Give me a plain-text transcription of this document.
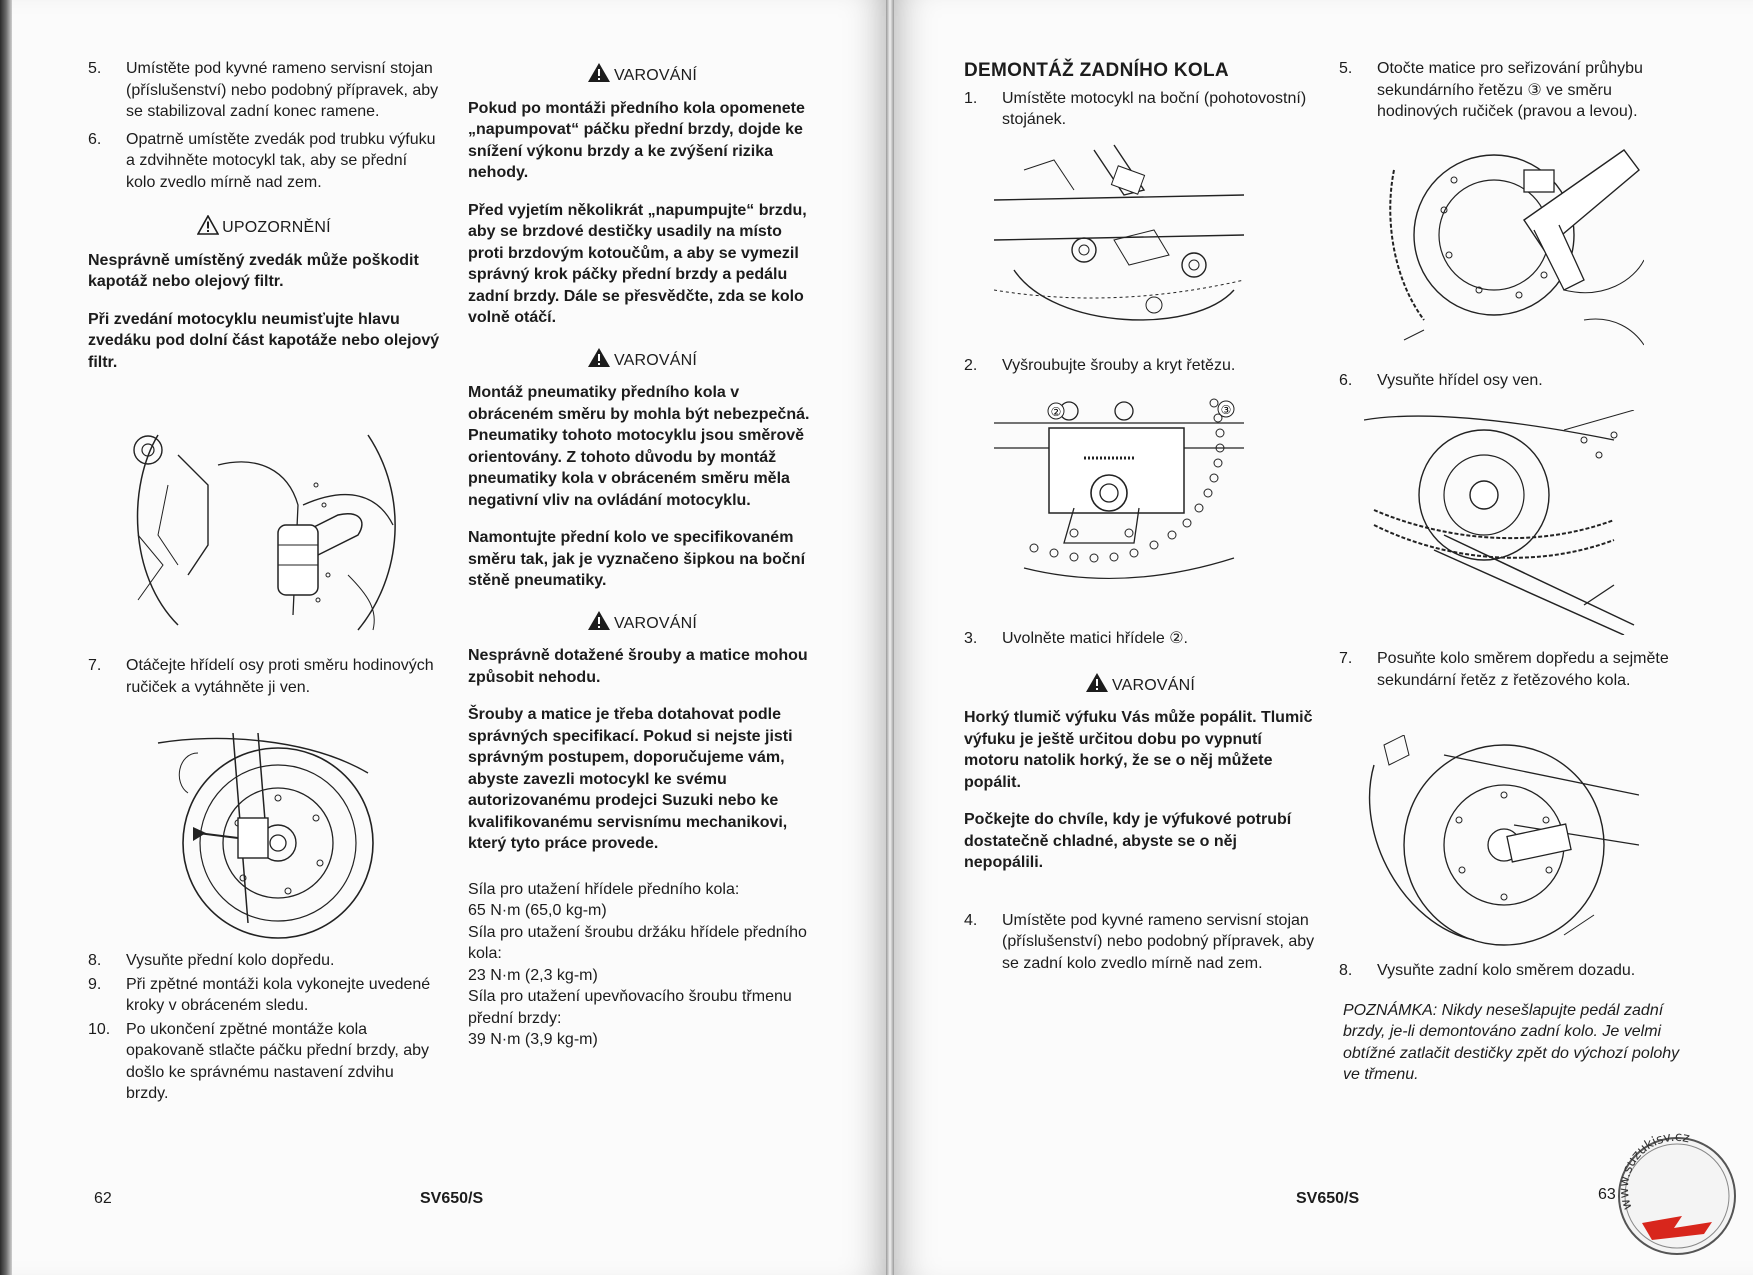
5.	Umístěte pod kyvné rameno servisní stojan (příslušenství) nebo podobný přípravek, aby se stabilizoval zadní konec ramene.
6.	Opatrně umístěte zvedák pod trubku výfuku a zdvihněte motocykl tak, aby se přední kolo zvedlo mírně nad zem.
UPOZORNĚNÍ

Nesprávně umístěný zvedák může poškodit kapotáž nebo olejový filtr.

Při zvedání motocyklu neumisťujte hlavu zvedáku pod dolní část kapotáže nebo olejový filtr.

7.	Otáčejte hřídelí osy proti směru hodinových ručiček a vytáhněte ji ven.
8.	Vysuňte přední kolo dopředu.
9.	Při zpětné montáži kola vykonejte uvedené kroky v obráceném sledu.
10. Po ukončení zpětné montáže kola opakovaně stlačte páčku přední brzdy, aby došlo ke správnému nastavení zdvihu brzdy.
VAROVÁNÍ

Pokud po montáži předního kola opomenete „napumpovat“ páčku přední brzdy, dojde ke snížení výkonu brzdy a ke zvýšení rizika nehody.

Před vyjetím několikrát „napumpujte“ brzdu, aby se brzdové destičky usadily na místo proti brzdovým kotoučům, a aby se vymezil správný krok páčky přední brzdy a pedálu zadní brzdy. Dále se přesvědčte, zda se kolo volně otáčí.

VAROVÁNÍ

Montáž pneumatiky předního kola v obráceném směru by mohla být nebezpečná. Pneumatiky tohoto motocyklu jsou směrově orientovány. Z tohoto důvodu by montáž pneumatiky kola v obráceném směru měla negativní vliv na ovládání motocyklu.

Namontujte přední kolo ve specifikovaném směru tak, jak je vyznačeno šipkou na boční stěně pneumatiky.

VAROVÁNÍ

Nesprávně dotažené šrouby a matice mohou způsobit nehodu.

Šrouby a matice je třeba dotahovat podle správných specifikací. Pokud si nejste jisti správným postupem, doporučujeme vám, abyste zavezli motocykl ke svému autorizovanému prodejci Suzuki nebo ke kvalifikovanému servisnímu mechanikovi, který tyto práce provede.

Síla pro utažení hřídele předního kola:

65 N·m (65,0 kg-m)

Síla pro utažení šroubu držáku hřídele předního kola:

23 N·m (2,3 kg-m)

Síla pro utažení upevňovacího šroubu třmenu přední brzdy:

39 N·m (3,9 kg-m)

62	SV650/S
DEMONTÁŽ ZADNÍHO KOLA
1.	Umístěte motocykl na boční (pohotovostní) stojánek.
2.	Vyšroubujte šrouby a kryt řetězu.
②	③
3.	Uvolněte matici hřídele ②.
VAROVÁNÍ

Horký tlumič výfuku Vás může popálit. Tlumič výfuku je ještě určitou dobu po vypnutí motoru natolik horký, že se o něj můžete popálit.

Počkejte do chvíle, kdy je výfukové potrubí dostatečně chladné, abyste se o něj nepopálili.

4.	Umístěte pod kyvné rameno servisní stojan (příslušenství) nebo podobný přípravek, aby se zadní kolo zvedlo mírně nad zem.
5.	Otočte matice pro seřizování průhybu sekundárního řetězu ③ ve směru hodinových ručiček (pravou a levou).
6.	Vysuňte hřídel osy ven.
7.	Posuňte kolo směrem dopředu a sejměte sekundární řetěz z řetězového kola.
8.	Vysuňte zadní kolo směrem dozadu.

POZNÁMKA: Nikdy nesešlapujte pedál zadní brzdy, je-li demontováno zadní kolo. Je velmi obtížné zatlačit destičky zpět do výchozí polohy ve třmenu.

SV650/S	63
www.suzukisv.cz
